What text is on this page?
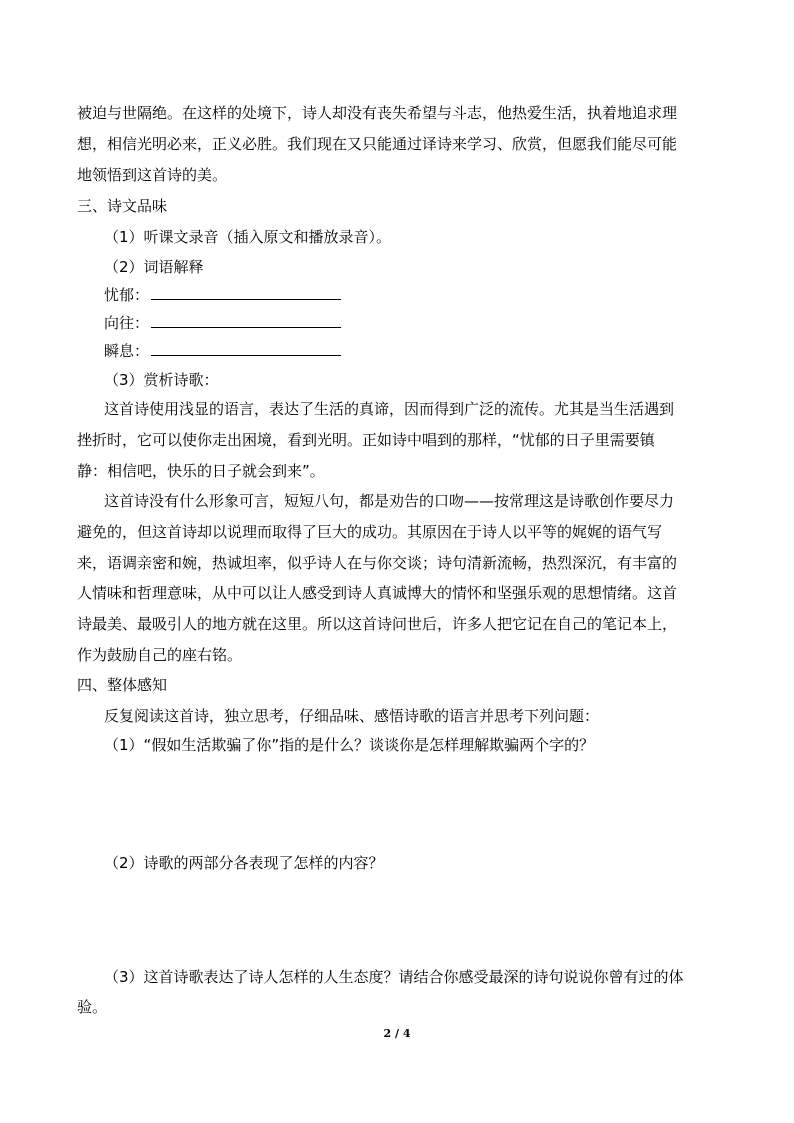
被迫与世隔绝。在这样的处境下，诗人却没有丧失希望与斗志，他热爱生活，执着地追求理
想，相信光明必来，正义必胜。我们现在又只能通过译诗来学习、欣赏，但愿我们能尽可能
地领悟到这首诗的美。
三、诗文品味
（1）听课文录音（插入原文和播放录音）。
（2）词语解释
忧郁：
向往：
瞬息：
（3）赏析诗歌：
这首诗使用浅显的语言，表达了生活的真谛，因而得到广泛的流传。尤其是当生活遇到
挫折时，它可以使你走出困境，看到光明。正如诗中唱到的那样，“忧郁的日子里需要镇
静：相信吧，快乐的日子就会到来”。
这首诗没有什么形象可言，短短八句，都是劝告的口吻——按常理这是诗歌创作要尽力
避免的，但这首诗却以说理而取得了巨大的成功。其原因在于诗人以平等的娓娓的语气写
来，语调亲密和婉，热诚坦率，似乎诗人在与你交谈；诗句清新流畅，热烈深沉，有丰富的
人情味和哲理意味，从中可以让人感受到诗人真诚博大的情怀和坚强乐观的思想情绪。这首
诗最美、最吸引人的地方就在这里。所以这首诗问世后，许多人把它记在自己的笔记本上，
作为鼓励自己的座右铭。
四、整体感知
反复阅读这首诗，独立思考，仔细品味、感悟诗歌的语言并思考下列问题：
（1）“假如生活欺骗了你”指的是什么？谈谈你是怎样理解欺骗两个字的？
（2）诗歌的两部分各表现了怎样的内容？
（3）这首诗歌表达了诗人怎样的人生态度？请结合你感受最深的诗句说说你曾有过的体
验。
2 / 4
